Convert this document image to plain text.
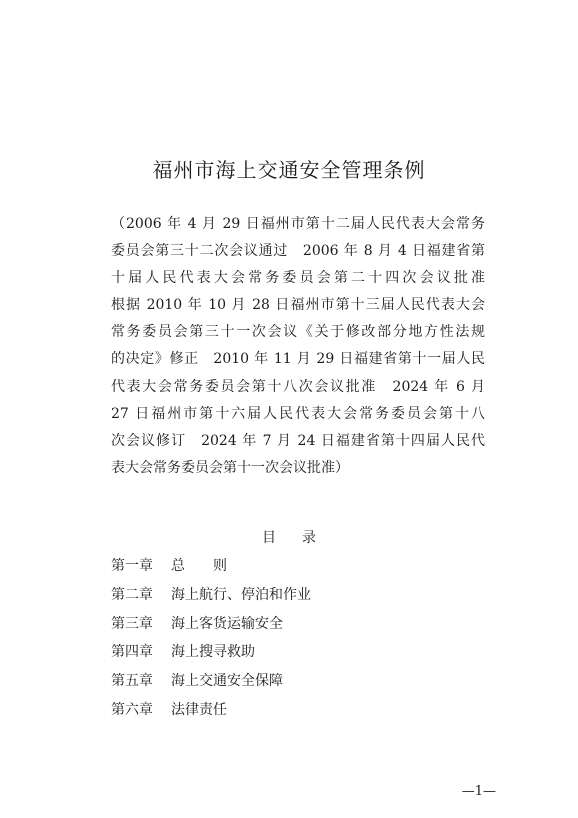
福州市海上交通安全管理条例
（2006 年 4 月 29 日福州市第十二届人民代表大会常务
委员会第三十二次会议通过　2006 年 8 月 4 日福建省第
十届人民代表大会常务委员会第二十四次会议批准
根据 2010 年 10 月 28 日福州市第十三届人民代表大会
常务委员会第三十一次会议《关于修改部分地方性法规
的决定》修正　2010 年 11 月 29 日福建省第十一届人民
代表大会常务委员会第十八次会议批准　2024 年 6 月
27 日福州市第十六届人民代表大会常务委员会第十八
次会议修订　2024 年 7 月 24 日福建省第十四届人民代
表大会常务委员会第十一次会议批准）
目录
第一章 总　　则
第二章 海上航行、停泊和作业
第三章 海上客货运输安全
第四章 海上搜寻救助
第五章 海上交通安全保障
第六章 法律责任
—1—
